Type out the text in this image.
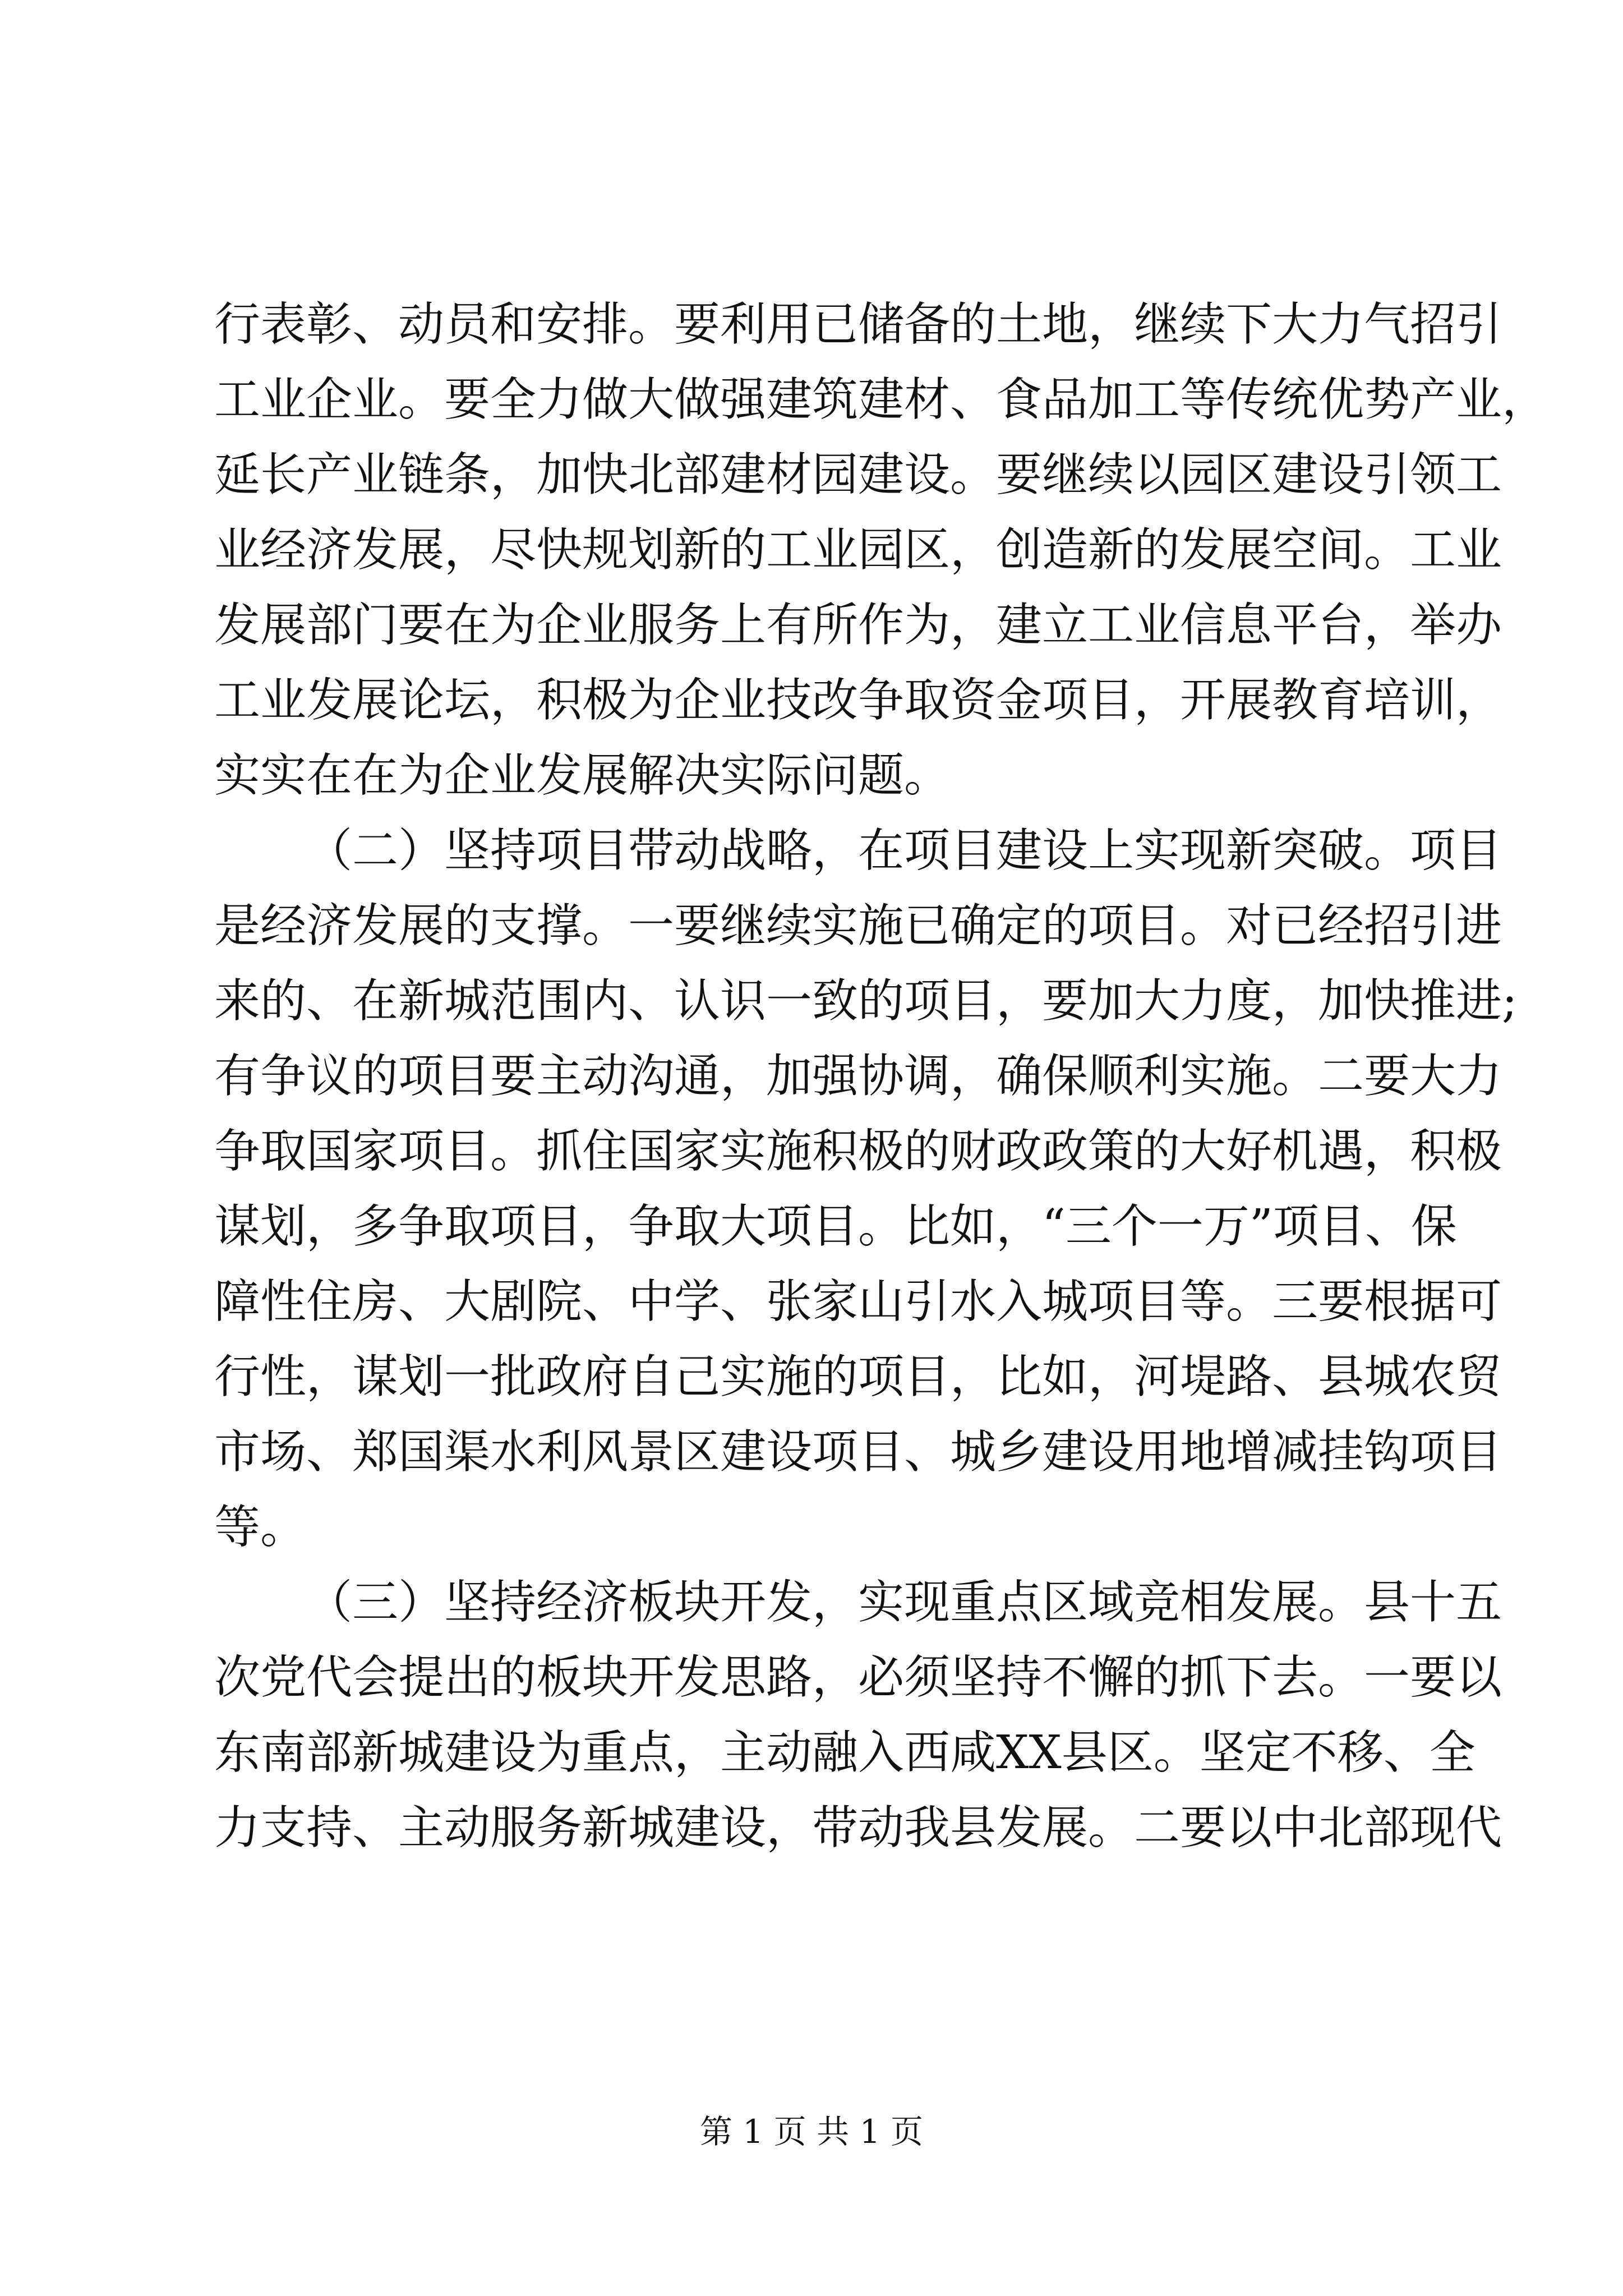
行表彰、动员和安排。要利用已储备的土地，继续下大力气招引
工业企业。要全力做大做强建筑建材、食品加工等传统优势产业，
延长产业链条，加快北部建材园建设。要继续以园区建设引领工
业经济发展，尽快规划新的工业园区，创造新的发展空间。工业
发展部门要在为企业服务上有所作为，建立工业信息平台，举办
工业发展论坛，积极为企业技改争取资金项目，开展教育培训，
实实在在为企业发展解决实际问题。
（二）坚持项目带动战略，在项目建设上实现新突破。项目
是经济发展的支撑。一要继续实施已确定的项目。对已经招引进
来的、在新城范围内、认识一致的项目，要加大力度，加快推进;
有争议的项目要主动沟通，加强协调，确保顺利实施。二要大力
争取国家项目。抓住国家实施积极的财政政策的大好机遇，积极
谋划，多争取项目，争取大项目。比如，“三个一万”项目、保
障性住房、大剧院、中学、张家山引水入城项目等。三要根据可
行性，谋划一批政府自己实施的项目，比如，河堤路、县城农贸
市场、郑国渠水利风景区建设项目、城乡建设用地增减挂钩项目
等。
（三）坚持经济板块开发，实现重点区域竞相发展。县十五
次党代会提出的板块开发思路，必须坚持不懈的抓下去。一要以
东南部新城建设为重点，主动融入西咸XX县区。坚定不移、全
力支持、主动服务新城建设，带动我县发展。二要以中北部现代
第 1 页 共 1 页
